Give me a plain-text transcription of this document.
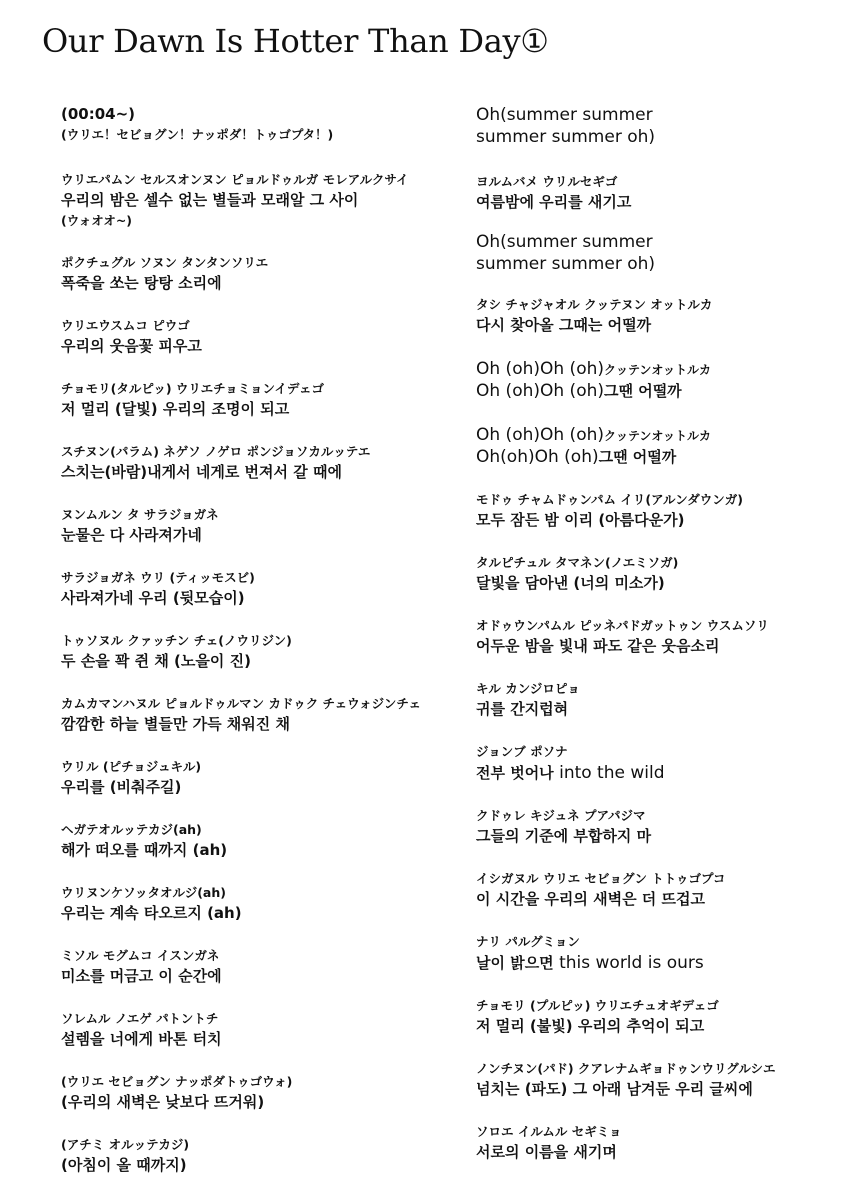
Our Dawn Is Hotter Than Day①
(00:04~)
(ウリエ！セビョグン！ナッポダ！トゥゴプタ！)
ウリエパムン セルスオンヌン ピョルドゥルガ モレアルクサイ
우리의 밤은 셀수 없는 별들과 모래알 그 사이
(ウォオオ~)
ポクチュグル ソヌン タンタンソリエ
폭죽을 쏘는 탕탕 소리에
ウリエウスムコ ピウゴ
우리의 웃음꽃 피우고
チョモリ(タルピッ) ウリエチョミョンイデェゴ
저 멀리 (달빛) 우리의 조명이 되고
スチヌン(パラム) ネゲソ ノゲロ ポンジョソカルッテエ
스치는(바람)내게서 네게로 번져서 갈 때에
ヌンムルン タ サラジョガネ
눈물은 다 사라져가네
サラジョガネ ウリ (ティッモスビ)
사라져가네 우리 (뒷모습이)
トゥソヌル クァッチン チェ(ノウリジン)
두 손을 꽉 쥔 채 (노을이 진)
カムカマンハヌル ピョルドゥルマン カドゥク チェウォジンチェ
깜깜한 하늘 별들만 가득 채워진 채
ウリル (ピチョジュキル)
우리를 (비춰주길)
ヘガテオルッテカジ(ah)
해가 떠오를 때까지 (ah)
ウリヌンケソッタオルジ(ah)
우리는 계속 타오르지 (ah)
ミソル モグムコ イスンガネ
미소를 머금고 이 순간에
ソレムル ノエゲ パトントチ
설렘을 너에게 바톤 터치
(ウリエ セビョグン ナッポダトゥゴウォ)
(우리의 새벽은 낮보다 뜨거워)
(アチミ オルッテカジ)
(아침이 올 때까지)
Oh(summer summer
summer summer oh)
ヨルムバメ ウリルセギゴ
여름밤에 우리를 새기고
Oh(summer summer
summer summer oh)
タシ チャジャオル クッテヌン オットルカ
다시 찾아올 그때는 어떨까
Oh (oh)Oh (oh)クッテンオットルカ
Oh (oh)Oh (oh)그땐 어떨까
Oh (oh)Oh (oh)クッテンオットルカ
Oh(oh)Oh (oh)그땐 어떨까
モドゥ チャムドゥンパム イリ(アルンダウンガ)
모두 잠든 밤 이리 (아름다운가)
タルピチュル タマネン(ノエミソガ)
달빛을 담아낸 (너의 미소가)
オドゥウンパムル ピッネパドガットゥン ウスムソリ
어두운 밤을 빛내 파도 같은 웃음소리
キル カンジロピョ
귀를 간지럽혀
ジョンブ ポソナ
전부 벗어나 into the wild
クドゥレ キジュネ プアパジマ
그들의 기준에 부합하지 마
イシガヌル ウリエ セビョグン トトゥゴプコ
이 시간을 우리의 새벽은 더 뜨겁고
ナリ パルグミョン
날이 밝으면 this world is ours
チョモリ (プルピッ) ウリエチュオギデェゴ
저 멀리 (불빛) 우리의 추억이 되고
ノンチヌン(パド) クアレナムギョドゥンウリグルシエ
넘치는 (파도) 그 아래 남겨둔 우리 글씨에
ソロエ イルムル セギミョ
서로의 이름을 새기며
